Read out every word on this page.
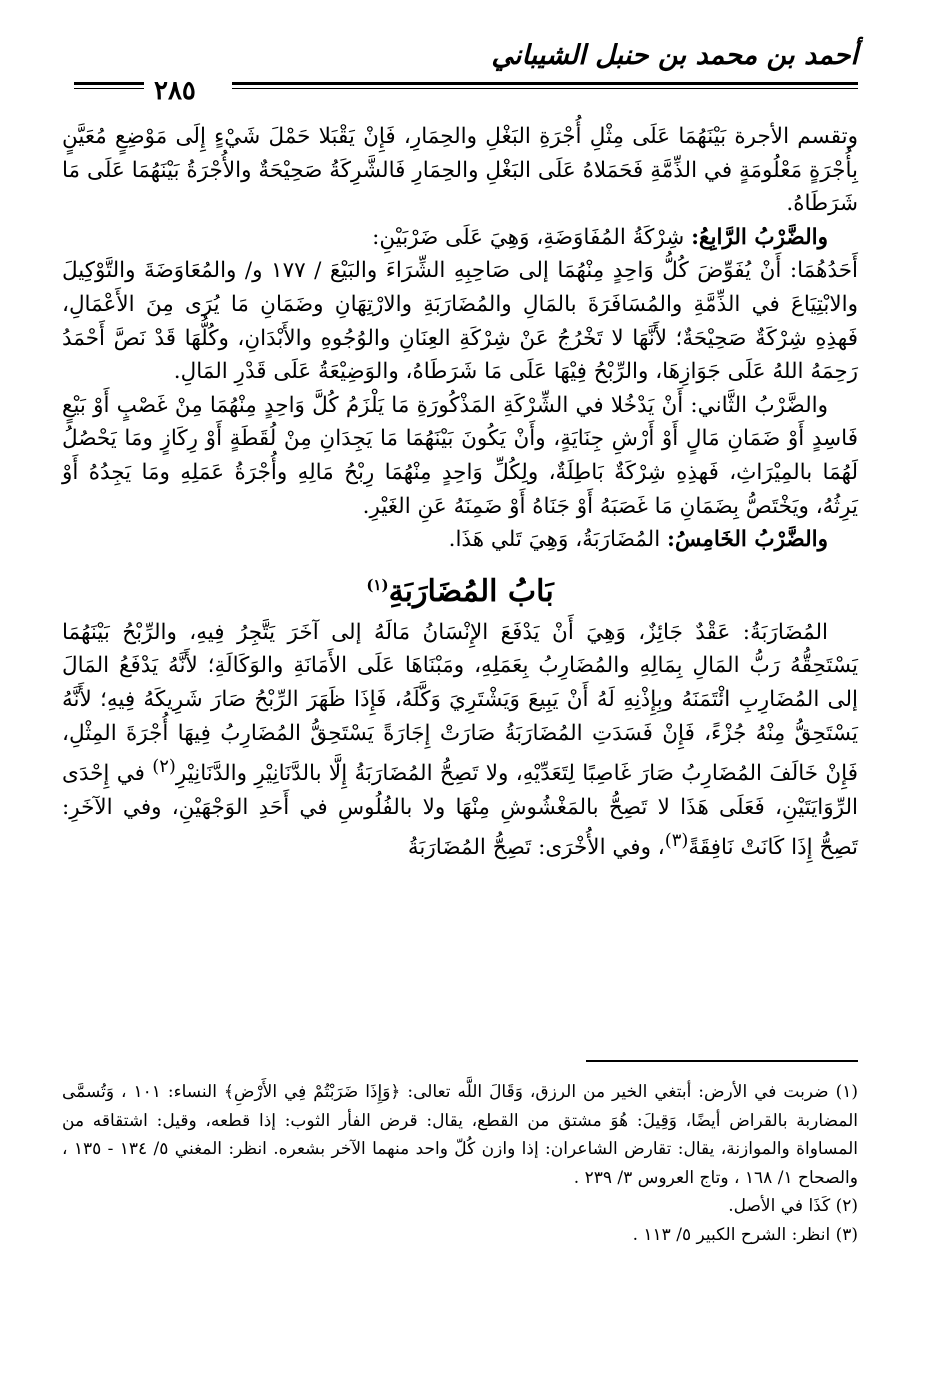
أحمد بن محمد بن حنبل الشيباني
٢٨٥

وتقسم الأجرة بَيْنَهُمَا عَلَى مِثْلِ أُجْرَةِ البَغْلِ والحِمَارِ، فَإِنْ يَقْبَلا حَمْلَ شَيْءٍ إِلَى مَوْضِعٍ مُعَيَّنٍ بِأُجْرَةٍ مَعْلُومَةٍ في الذِّمَّةِ فَحَمَلاهُ عَلَى البَغْلِ والحِمَارِ فَالشَّرِكَةُ صَحِيْحَةٌ والأُجْرَةُ بَيْنَهُمَا عَلَى مَا شَرَطَاهُ.

والضَّرْبُ الرَّابِعُ: شِرْكَةُ المُفَاوَضَةِ، وَهِيَ عَلَى ضَرْبَيْنِ:

أَحَدُهُمَا: أَنْ يُفَوِّضَ كُلُّ وَاحِدٍ مِنْهُمَا إلى صَاحِبِهِ الشِّرَاءَ والبَيْعَ / ١٧٧ و/ والمُعَاوَضَةَ والتَّوْكِيلَ والابْتِيَاعَ في الذِّمَّةِ والمُسَافَرَةَ بالمَالِ والمُضَارَبَةِ والارْتِهَانِ وضَمَانِ مَا يُرَى مِنَ الأَعْمَالِ، فَهذِهِ شِرْكَةٌ صَحِيْحَةٌ؛ لأَنَّهَا لا تَخْرُجُ عَنْ شِرْكَةِ العِنَانِ والوُجُوهِ والأَبْدَانِ، وكُلُّهَا قَدْ نَصَّ أَحْمَدُ رَحِمَهُ اللهُ عَلَى جَوَازِهَا، والرِّبْحُ فِيْهَا عَلَى مَا شَرَطَاهُ، والوَضِيْعَةُ عَلَى قَدْرِ المَالِ.

والضَّرْبُ الثَّاني: أَنْ يَدْخُلا في الشِّرْكَةِ المَذْكُورَةِ مَا يَلْزَمُ كُلَّ وَاحِدٍ مِنْهُمَا مِنْ غَصْبٍ أَوْ بَيْعٍ فَاسِدٍ أَوْ ضَمَانِ مَالٍ أَوْ أَرْشِ جِنَايَةٍ، وأَنْ يَكُونَ بَيْنَهُمَا مَا يَجِدَانِ مِنْ لُقَطَةٍ أَوْ رِكَازٍ ومَا يَحْصُلُ لَهُمَا بالمِيْرَاثِ، فَهذِهِ شِرْكَةٌ بَاطِلَةٌ، ولِكُلِّ وَاحِدٍ مِنْهُمَا رِبْحُ مَالِهِ وأُجْرَةُ عَمَلِهِ ومَا يَجِدُهُ أَوْ يَرِثُهُ، ويَخْتَصُّ بِضَمَانِ مَا غَصَبَهُ أَوْ جَنَاهُ أَوْ ضَمِنَهُ عَنِ الغَيْرِ.

والضَّرْبُ الخَامِسُ: المُضَارَبَةُ، وَهِيَ تَلي هَذَا.

بَابُ المُضَارَبَةِ$^{(١)}$

المُضَارَبَةُ: عَقْدٌ جَائِزٌ، وَهِيَ أَنْ يَدْفَعَ الإِنْسَانُ مَالَهُ إلى آخَرَ يَتَّجِرُ فِيهِ، والرِّبْحُ بَيْنَهُمَا يَسْتَحِقُّهُ رَبُّ المَالِ بِمَالِهِ والمُضَارِبُ بِعَمَلِهِ، ومَبْنَاهَا عَلَى الأَمَانَةِ والوَكَالَةِ؛ لأَنَّهُ يَدْفَعُ المَالَ إلى المُضَارِبِ ائْتَمَنَهُ وبِإِذْنِهِ لَهُ أَنْ يَبِيعَ وَيَشْتَرِيَ وَكَّلَهُ، فَإِذَا ظَهَرَ الرِّبْحُ صَارَ شَرِيكَهُ فِيهِ؛ لأَنَّهُ يَسْتَحِقُّ مِنْهُ جُزْءً، فَإِنْ فَسَدَتِ المُضَارَبَةُ صَارَتْ إِجَارَةً يَسْتَحِقُّ المُضَارِبُ فِيهَا أُجْرَةَ المِثْلِ، فَإِنْ خَالَفَ المُضَارِبُ صَارَ غَاصِبًا لِتَعَدِّيْهِ، ولا تَصِحُّ المُضَارَبَةُ إِلَّا بالدَّنَانِيْرِ والدَّنَانِيْرِ$^{(٢)}$ في إِحْدَى الرِّوَايَتَيْنِ، فَعَلَى هَذَا لا تَصِحُّ بالمَغْشُوشِ مِنْهَا ولا بالفُلُوسِ في أَحَدِ الوَجْهَيْنِ، وفي الآخَرِ: تَصِحُّ إِذَا كَانَتْ نَافِقَةً$^{(٣)}$، وفي الأُخْرَى: تَصِحُّ المُضَارَبَةُ

(١) ضربت في الأرض: أبتغي الخير من الرزق، وَقَالَ اللَّه تعالى: ﴿وَإِذَا ضَرَبْتُمْ فِي الأَرْضِ﴾ النساء: ١٠١ ، وَتُسمَّى المضاربة بالقراض أيضًا، وَقِيلَ: هُوَ مشتق من القطع، يقال: قرض الفأر الثوب: إذا قطعه، وقيل: اشتقاقه من المساواة والموازنة، يقال: تقارض الشاعران: إذا وازن كُلّ واحد منهما الآخر بشعره. انظر: المغني ٥/ ١٣٤ - ١٣٥ ، والصحاح ١/ ١٦٨ ، وتاج العروس ٣/ ٢٣٩ .

(٢) كَذَا في الأصل.

(٣) انظر: الشرح الكبير ٥/ ١١٣ .
